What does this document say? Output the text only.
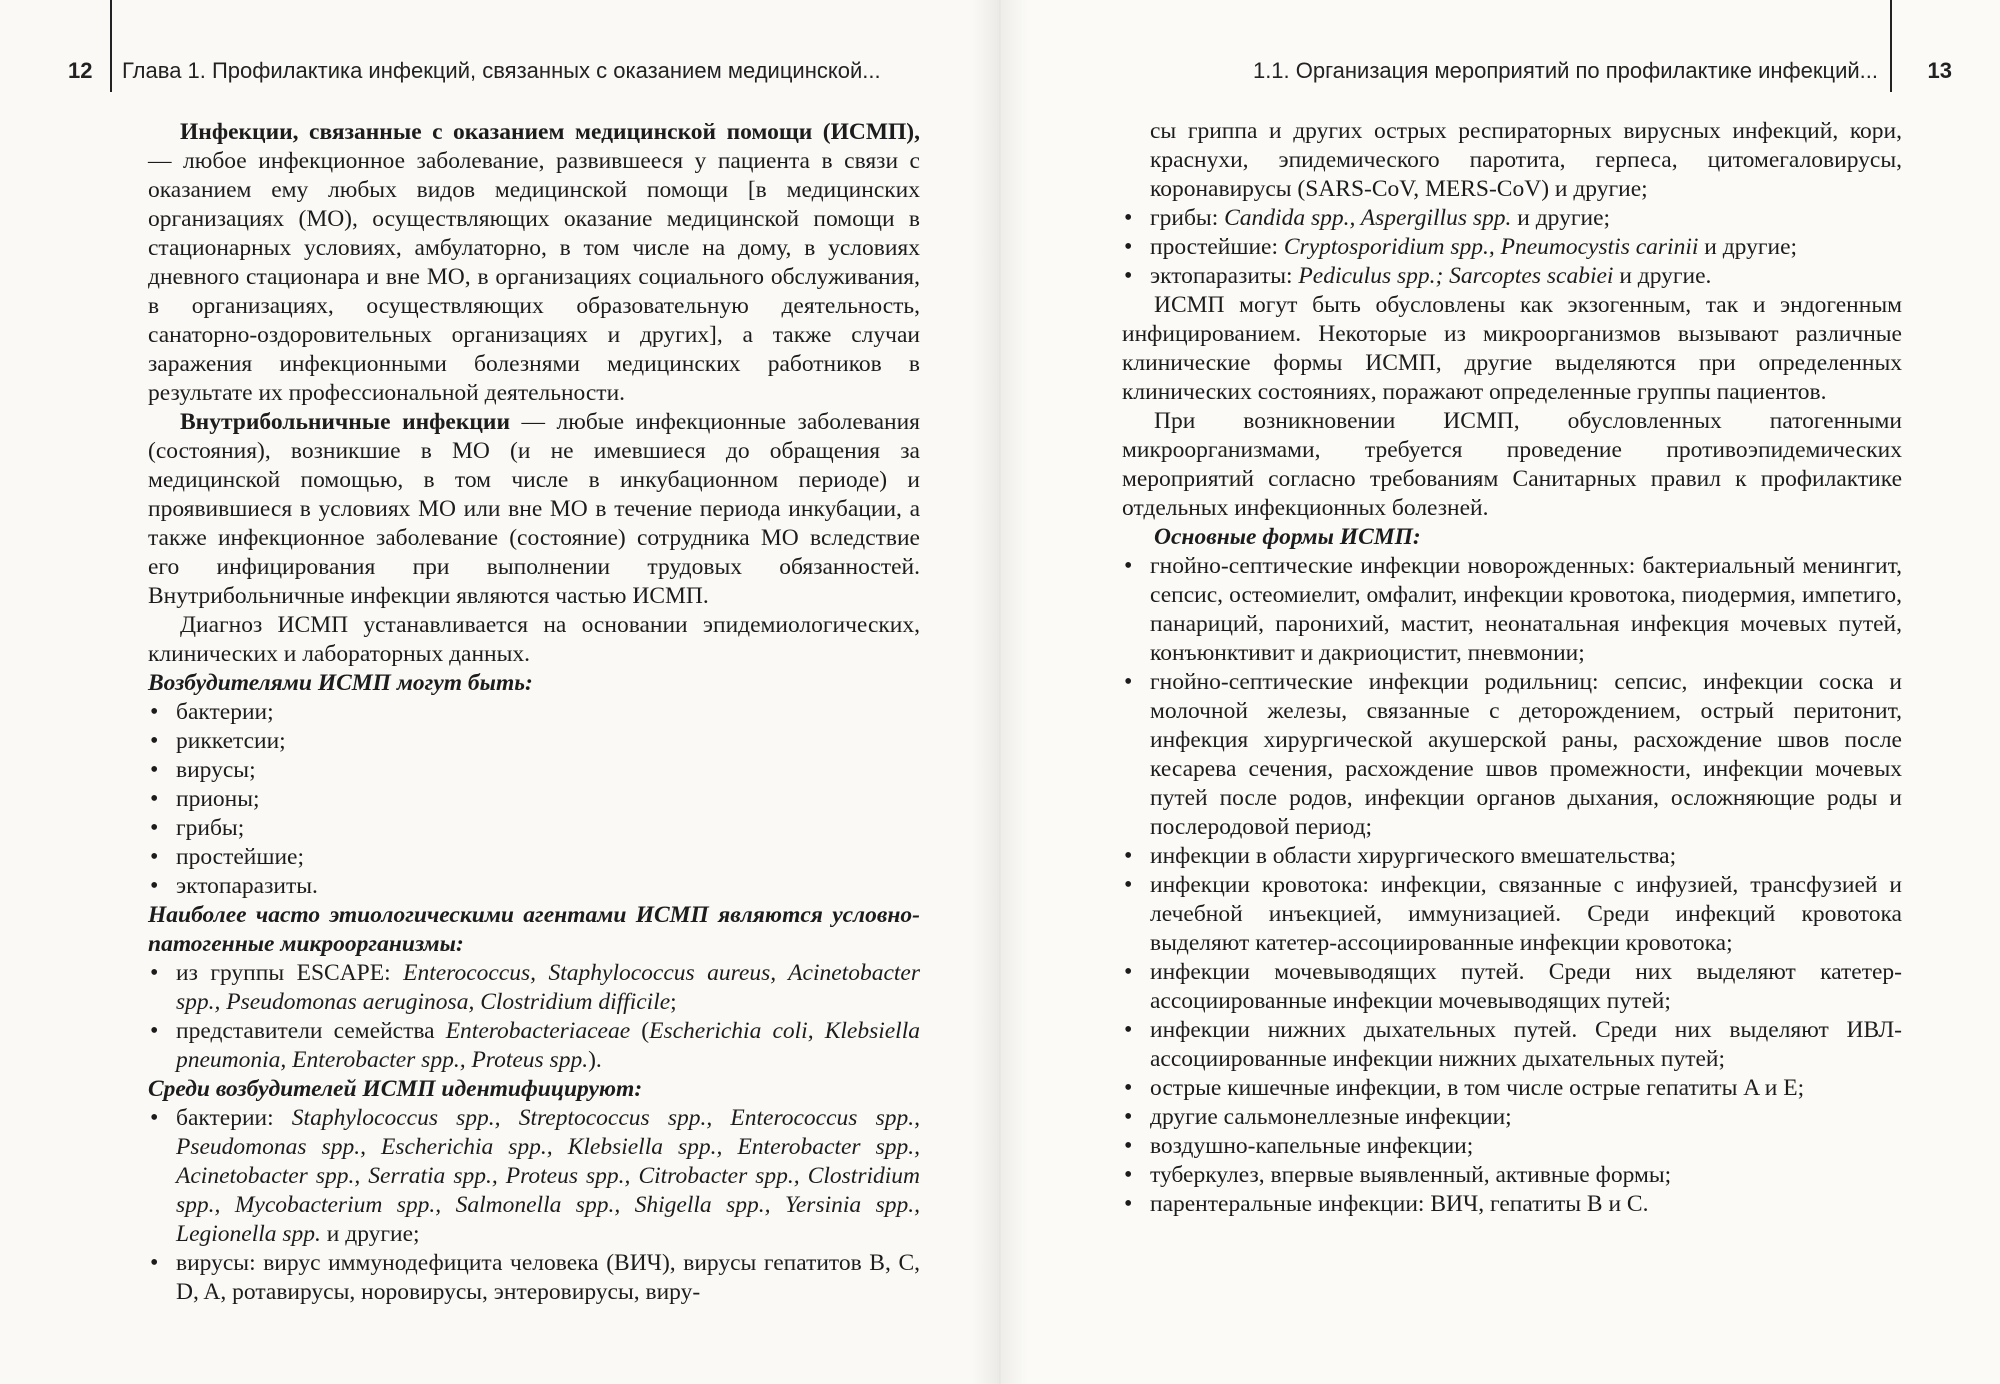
12 Глава 1. Профилактика инфекций, связанных с оказанием медицинской...

Инфекции, связанные с оказанием медицинской помощи (ИСМП), — любое инфекционное заболевание, развившееся у пациента в связи с оказанием ему любых видов медицинской помощи [в медицинских организациях (МО), осуществляющих оказание медицинской помощи в стационарных условиях, амбулаторно, в том числе на дому, в условиях дневного стационара и вне МО, в организациях социального обслуживания, в организациях, осуществляющих образовательную деятельность, санаторно-оздоровительных организациях и других], а также случаи заражения инфекционными болезнями медицинских работников в результате их профессиональной деятельности.

Внутрибольничные инфекции — любые инфекционные заболевания (состояния), возникшие в МО (и не имевшиеся до обращения за медицинской помощью, в том числе в инкубационном периоде) и проявившиеся в условиях МО или вне МО в течение периода инкубации, а также инфекционное заболевание (состояние) сотрудника МО вследствие его инфицирования при выполнении трудовых обязанностей. Внутрибольничные инфекции являются частью ИСМП.

Диагноз ИСМП устанавливается на основании эпидемиологических, клинических и лабораторных данных.

Возбудителями ИСМП могут быть:
• бактерии;
• риккетсии;
• вирусы;
• прионы;
• грибы;
• простейшие;
• эктопаразиты.
Наиболее часто этиологическими агентами ИСМП являются условно-патогенные микроорганизмы:
• из группы ESCAPE: Enterococcus, Staphylococcus aureus, Acinetobacter spp., Pseudomonas aeruginosa, Clostridium difficile;
• представители семейства Enterobacteriaceae (Escherichia coli, Klebsiella pneumonia, Enterobacter spp., Proteus spp.).
Среди возбудителей ИСМП идентифицируют:
• бактерии: Staphylococcus spp., Streptococcus spp., Enterococcus spp., Pseudomonas spp., Escherichia spp., Klebsiella spp., Enterobacter spp., Acinetobacter spp., Serratia spp., Proteus spp., Citrobacter spp., Clostridium spp., Mycobacterium spp., Salmonella spp., Shigella spp., Yersinia spp., Legionella spp. и другие;
• вирусы: вирус иммунодефицита человека (ВИЧ), вирусы гепатитов B, C, D, A, ротавирусы, норовирусы, энтеровирусы, виру-
1.1. Организация мероприятий по профилактике инфекций... 13
сы гриппа и других острых респираторных вирусных инфекций, кори, краснухи, эпидемического паротита, герпеса, цитомегаловирусы, коронавирусы (SARS-CoV, MERS-CoV) и другие;
• грибы: Candida spp., Aspergillus spp. и другие;
• простейшие: Cryptosporidium spp., Pneumocystis carinii и другие;
• эктопаразиты: Pediculus spp.; Sarcoptes scabiei и другие.

ИСМП могут быть обусловлены как экзогенным, так и эндогенным инфицированием. Некоторые из микроорганизмов вызывают различные клинические формы ИСМП, другие выделяются при определенных клинических состояниях, поражают определенные группы пациентов.

При возникновении ИСМП, обусловленных патогенными микроорганизмами, требуется проведение противоэпидемических мероприятий согласно требованиям Санитарных правил к профилактике отдельных инфекционных болезней.

Основные формы ИСМП:
• гнойно-септические инфекции новорожденных: бактериальный менингит, сепсис, остеомиелит, омфалит, инфекции кровотока, пиодермия, импетиго, панариций, паронихий, мастит, неонатальная инфекция мочевых путей, конъюнктивит и дакриоцистит, пневмонии;
• гнойно-септические инфекции родильниц: сепсис, инфекции соска и молочной железы, связанные с деторождением, острый перитонит, инфекция хирургической акушерской раны, расхождение швов после кесарева сечения, расхождение швов промежности, инфекции мочевых путей после родов, инфекции органов дыхания, осложняющие роды и послеродовой период;
• инфекции в области хирургического вмешательства;
• инфекции кровотока: инфекции, связанные с инфузией, трансфузией и лечебной инъекцией, иммунизацией. Среди инфекций кровотока выделяют катетер-ассоциированные инфекции кровотока;
• инфекции мочевыводящих путей. Среди них выделяют катетер-ассоциированные инфекции мочевыводящих путей;
• инфекции нижних дыхательных путей. Среди них выделяют ИВЛ-ассоциированные инфекции нижних дыхательных путей;
• острые кишечные инфекции, в том числе острые гепатиты A и E;
• другие сальмонеллезные инфекции;
• воздушно-капельные инфекции;
• туберкулез, впервые выявленный, активные формы;
• парентеральные инфекции: ВИЧ, гепатиты B и C.
